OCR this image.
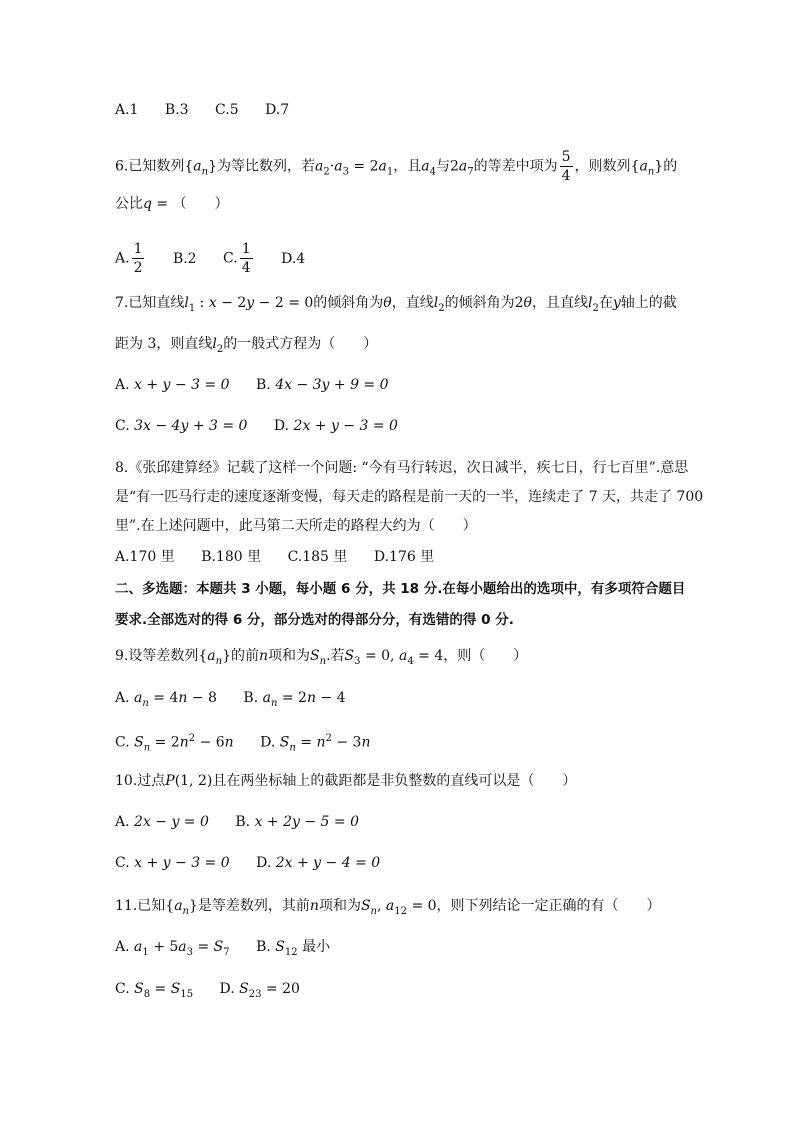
A.1 B.3 C.5 D.7
6.已知数列$\{a_n\}$为等比数列，若$a_2\cdot a_3 = 2a_1$，且$a_4$与$2a_7$的等差中项为 $\frac{5}{4}$ ，则数列$\{a_n\}$的
公比q = （　　）
A. $\frac{1}{2} B.2$ C. $\frac{1}{4} D.4$
7.已知直线$l_1$ : x − 2y − 2 = 0的倾斜角为θ，直线$l_2$的倾斜角为2θ，且直线$l_2$在y轴上的截
距为 3，则直线$l_2$的一般式方程为（　　）
A. x + y − 3 = 0 B. 4x − 3y + 9 = 0
C. 3x − 4y + 3 = 0 D. 2x + y − 3 = 0
8.《张邱建算经》记载了这样一个问题: “今有马行转迟，次日减半，疾七日，行七百里”.意思
是“有一匹马行走的速度逐渐变慢，每天走的路程是前一天的一半，连续走了 7 天，共走了 700
里”.在上述问题中，此马第二天所走的路程大约为（　　）
A.170 里 B.180 里 C.185 里 D.176 里
二、多选题：本题共 3 小题，每小题 6 分，共 18 分.在每小题给出的选项中，有多项符合题目
要求.全部选对的得 6 分，部分选对的得部分分，有选错的得 0 分.
9.设等差数列$\{a_n\}$的前n项和为$S_n$.若$S_3 = 0$, $a_4 = 4$，则（　　）
A. $a_n = 4n - 8$ B. $a_n = 2n - 4$
C. $S_n = 2n^2 - 6n$ D. $S_n = n^2 - 3n$
10.过点P(1, 2)且在两坐标轴上的截距都是非负整数的直线可以是（　　）
A. 2x − y = 0 B. x + 2y − 5 = 0
C. x + y − 3 = 0 D. 2x + y − 4 = 0
11.已知$\{a_n\}$是等差数列，其前n项和为$S_n$, $a_{12} = 0$，则下列结论一定正确的有（　　）
A. $a_1 + 5a_3 = S_7$ B. $S_{12}$ 最小
C. $S_8 = S_{15}$ D. $S_{23} = 20$
